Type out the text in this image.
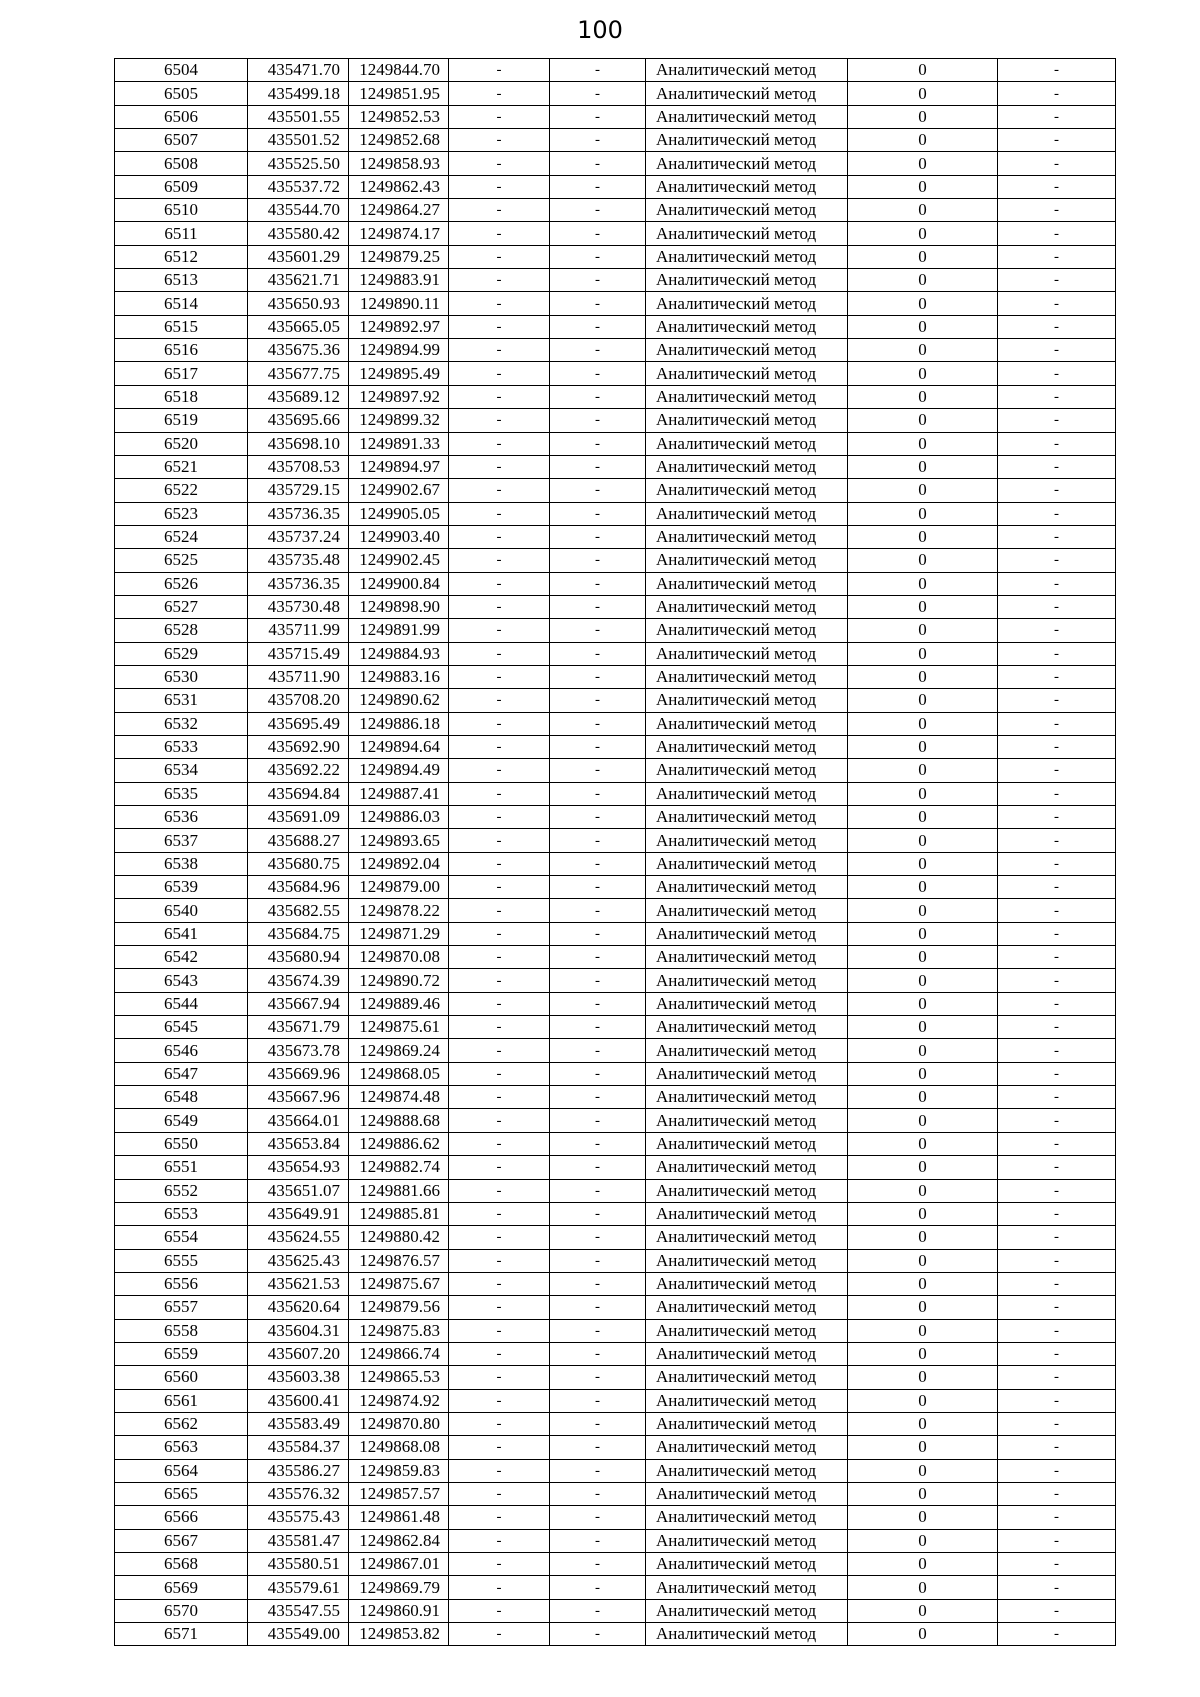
100
6504	435471.70	1249844.70	-	-	Аналитический метод	0	-
6505	435499.18	1249851.95	-	-	Аналитический метод	0	-
6506	435501.55	1249852.53	-	-	Аналитический метод	0	-
6507	435501.52	1249852.68	-	-	Аналитический метод	0	-
6508	435525.50	1249858.93	-	-	Аналитический метод	0	-
6509	435537.72	1249862.43	-	-	Аналитический метод	0	-
6510	435544.70	1249864.27	-	-	Аналитический метод	0	-
6511	435580.42	1249874.17	-	-	Аналитический метод	0	-
6512	435601.29	1249879.25	-	-	Аналитический метод	0	-
6513	435621.71	1249883.91	-	-	Аналитический метод	0	-
6514	435650.93	1249890.11	-	-	Аналитический метод	0	-
6515	435665.05	1249892.97	-	-	Аналитический метод	0	-
6516	435675.36	1249894.99	-	-	Аналитический метод	0	-
6517	435677.75	1249895.49	-	-	Аналитический метод	0	-
6518	435689.12	1249897.92	-	-	Аналитический метод	0	-
6519	435695.66	1249899.32	-	-	Аналитический метод	0	-
6520	435698.10	1249891.33	-	-	Аналитический метод	0	-
6521	435708.53	1249894.97	-	-	Аналитический метод	0	-
6522	435729.15	1249902.67	-	-	Аналитический метод	0	-
6523	435736.35	1249905.05	-	-	Аналитический метод	0	-
6524	435737.24	1249903.40	-	-	Аналитический метод	0	-
6525	435735.48	1249902.45	-	-	Аналитический метод	0	-
6526	435736.35	1249900.84	-	-	Аналитический метод	0	-
6527	435730.48	1249898.90	-	-	Аналитический метод	0	-
6528	435711.99	1249891.99	-	-	Аналитический метод	0	-
6529	435715.49	1249884.93	-	-	Аналитический метод	0	-
6530	435711.90	1249883.16	-	-	Аналитический метод	0	-
6531	435708.20	1249890.62	-	-	Аналитический метод	0	-
6532	435695.49	1249886.18	-	-	Аналитический метод	0	-
6533	435692.90	1249894.64	-	-	Аналитический метод	0	-
6534	435692.22	1249894.49	-	-	Аналитический метод	0	-
6535	435694.84	1249887.41	-	-	Аналитический метод	0	-
6536	435691.09	1249886.03	-	-	Аналитический метод	0	-
6537	435688.27	1249893.65	-	-	Аналитический метод	0	-
6538	435680.75	1249892.04	-	-	Аналитический метод	0	-
6539	435684.96	1249879.00	-	-	Аналитический метод	0	-
6540	435682.55	1249878.22	-	-	Аналитический метод	0	-
6541	435684.75	1249871.29	-	-	Аналитический метод	0	-
6542	435680.94	1249870.08	-	-	Аналитический метод	0	-
6543	435674.39	1249890.72	-	-	Аналитический метод	0	-
6544	435667.94	1249889.46	-	-	Аналитический метод	0	-
6545	435671.79	1249875.61	-	-	Аналитический метод	0	-
6546	435673.78	1249869.24	-	-	Аналитический метод	0	-
6547	435669.96	1249868.05	-	-	Аналитический метод	0	-
6548	435667.96	1249874.48	-	-	Аналитический метод	0	-
6549	435664.01	1249888.68	-	-	Аналитический метод	0	-
6550	435653.84	1249886.62	-	-	Аналитический метод	0	-
6551	435654.93	1249882.74	-	-	Аналитический метод	0	-
6552	435651.07	1249881.66	-	-	Аналитический метод	0	-
6553	435649.91	1249885.81	-	-	Аналитический метод	0	-
6554	435624.55	1249880.42	-	-	Аналитический метод	0	-
6555	435625.43	1249876.57	-	-	Аналитический метод	0	-
6556	435621.53	1249875.67	-	-	Аналитический метод	0	-
6557	435620.64	1249879.56	-	-	Аналитический метод	0	-
6558	435604.31	1249875.83	-	-	Аналитический метод	0	-
6559	435607.20	1249866.74	-	-	Аналитический метод	0	-
6560	435603.38	1249865.53	-	-	Аналитический метод	0	-
6561	435600.41	1249874.92	-	-	Аналитический метод	0	-
6562	435583.49	1249870.80	-	-	Аналитический метод	0	-
6563	435584.37	1249868.08	-	-	Аналитический метод	0	-
6564	435586.27	1249859.83	-	-	Аналитический метод	0	-
6565	435576.32	1249857.57	-	-	Аналитический метод	0	-
6566	435575.43	1249861.48	-	-	Аналитический метод	0	-
6567	435581.47	1249862.84	-	-	Аналитический метод	0	-
6568	435580.51	1249867.01	-	-	Аналитический метод	0	-
6569	435579.61	1249869.79	-	-	Аналитический метод	0	-
6570	435547.55	1249860.91	-	-	Аналитический метод	0	-
6571	435549.00	1249853.82	-	-	Аналитический метод	0	-
